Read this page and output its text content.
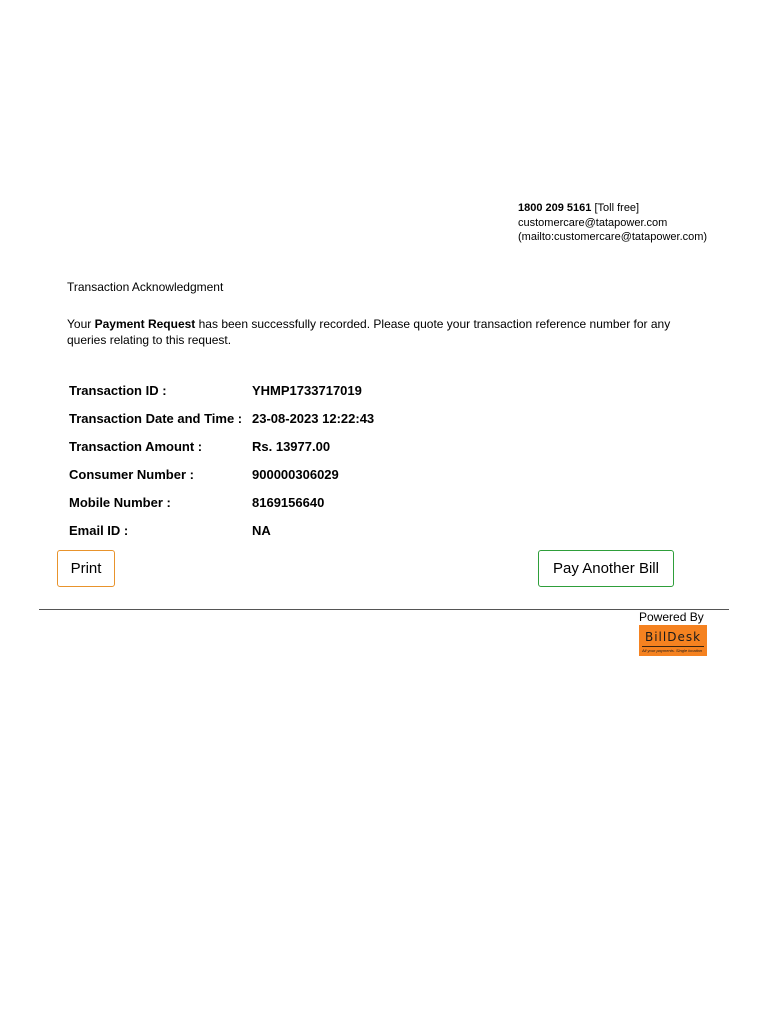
1800 209 5161 [Toll free]
customercare@tatapower.com
(mailto:customercare@tatapower.com)
Transaction Acknowledgment
Your Payment Request has been successfully recorded. Please quote your transaction reference number for any queries relating to this request.
Transaction ID :	YHMP1733717019
Transaction Date and Time : 23-08-2023 12:22:43
Transaction Amount :	Rs. 13977.00
Consumer Number :	900000306029
Mobile Number :	8169156640
Email ID :	NA
Print	Pay Another Bill
Powered By
BillDesk
All your payments. Single location
